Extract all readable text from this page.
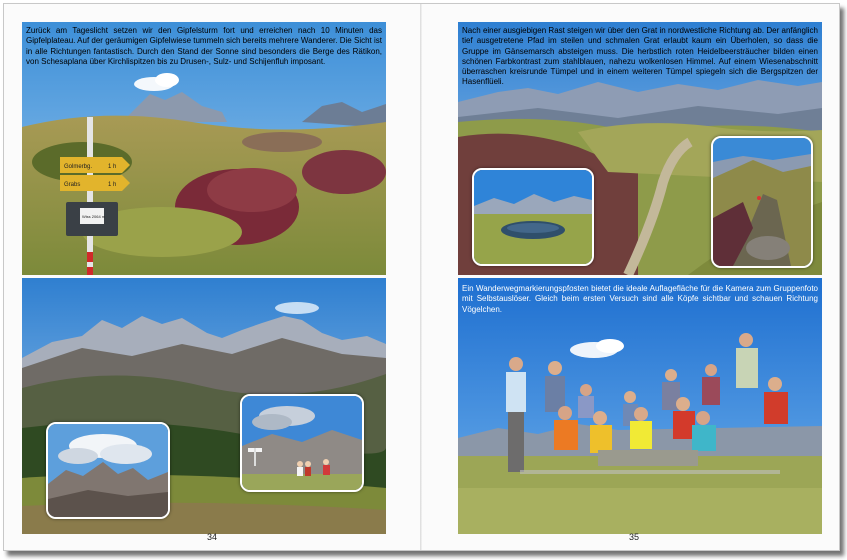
Golmerbg.	1 h
Grabs	1 h
Wiss 2064 m
Zurück am Tageslicht setzen wir den Gipfelsturm fort und erreichen nach 10 Minuten das Gipfelplateau. Auf der geräumigen Gipfelwiese tummeln sich bereits mehrere Wanderer. Die Sicht ist in alle Richtungen fantastisch. Durch den Stand der Sonne sind besonders die Berge des Rätikon, von Schesaplana über Kirchlispitzen bis zu Drusen-, Sulz- und Schijenfluh imposant.
34
Nach einer ausgiebigen Rast steigen wir über den Grat in nordwestliche Richtung ab. Der anfänglich tief ausgetretene Pfad im steilen und schmalen Grat erlaubt kaum ein Überholen, so dass die Gruppe im Gänsemarsch absteigen muss. Die herbstlich roten Heidelbeersträucher bilden einen schönen Farbkontrast zum stahlblauen, nahezu wolkenlosen Himmel. Auf einem Wiesenabschnitt überraschen kreisrunde Tümpel und in einem weiteren Tümpel spiegeln sich die Bergspitzen der Hasenflüeli.
Ein Wanderwegmarkierungspfosten bietet die ideale Auflagefläche für die Kamera zum Gruppenfoto mit Selbstauslöser. Gleich beim ersten Versuch sind alle Köpfe sichtbar und schauen Richtung Vögelchen.
35
